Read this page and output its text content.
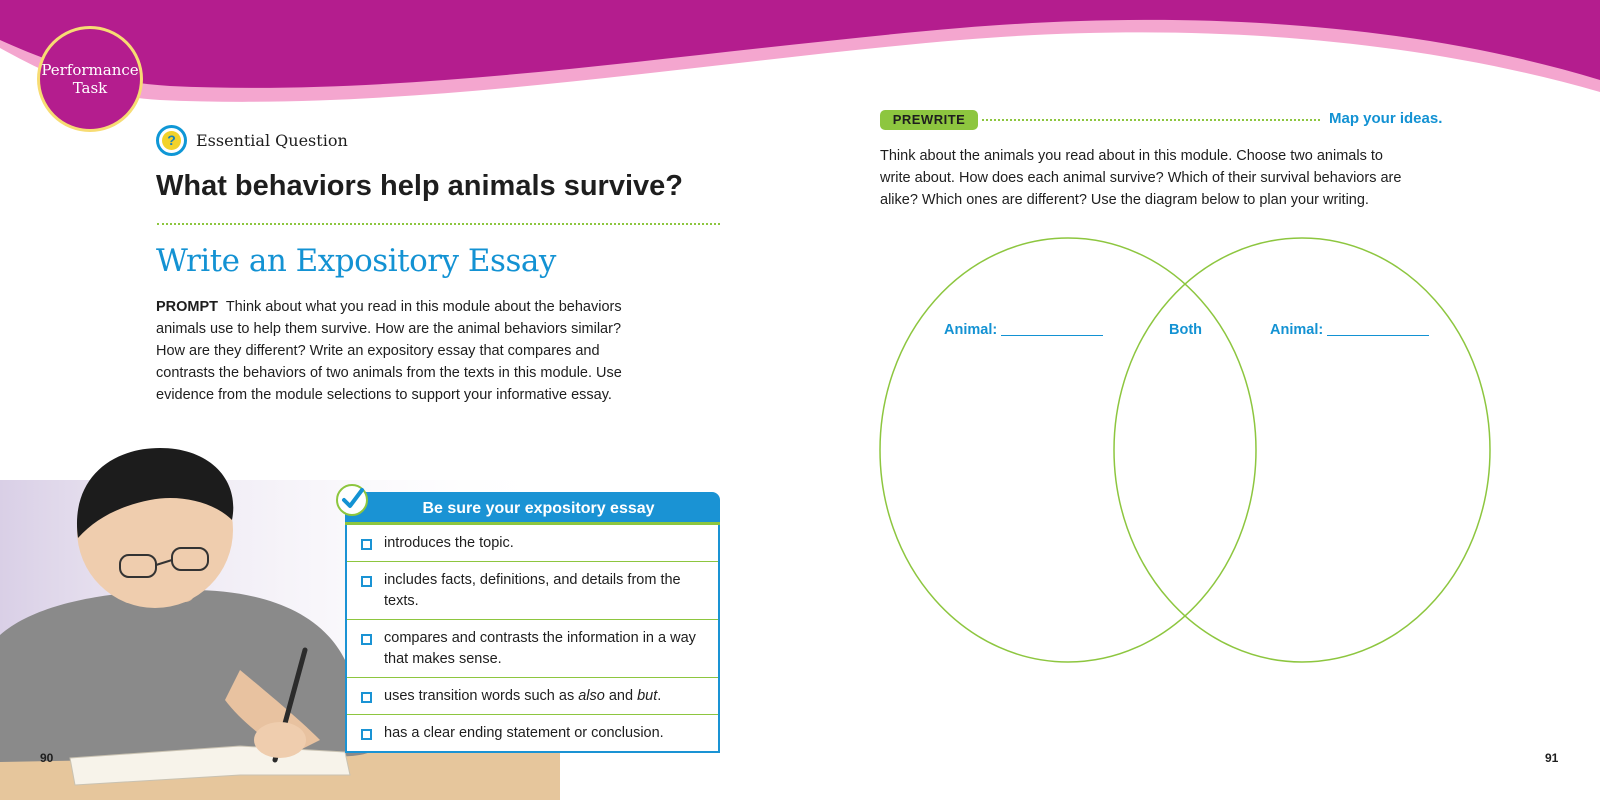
Performance
Task
?	Essential Question
What behaviors help animals survive?
Write an Expository Essay

PROMPT Think about what you read in this module about the behaviors animals use to help them survive. How are the animal behaviors similar? How are they different? Write an expository essay that compares and contrasts the behaviors of two animals from the texts in this module. Use evidence from the module selections to support your informative essay.

Be sure your expository essay
introduces the topic.
includes facts, definitions, and details from the texts.
compares and contrasts the information in a way that makes sense.
uses transition words such as also and but.
has a clear ending statement or conclusion.
90	91
PREWRITE	Map your ideas.

Think about the animals you read about in this module. Choose two animals to write about. How does each animal survive? Which of their survival behaviors are alike? Which ones are different? Use the diagram below to plan your writing.

Animal:	Both	Animal:
